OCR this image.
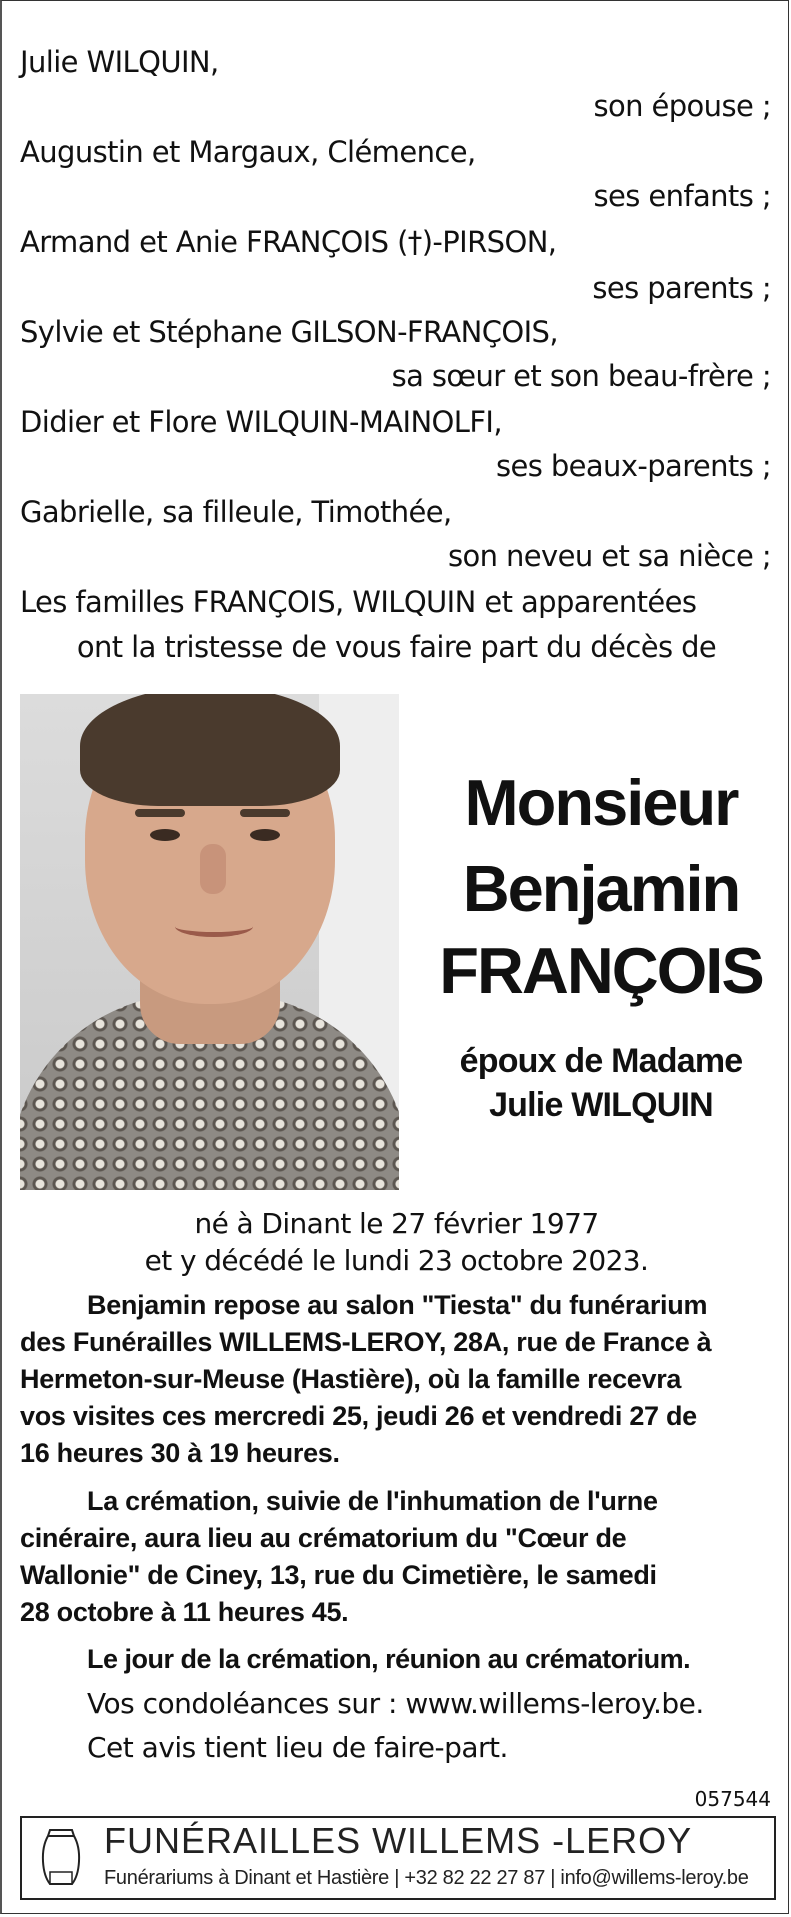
Julie WILQUIN,
son épouse ;
Augustin et Margaux, Clémence,
ses enfants ;
Armand et Anie FRANÇOIS (†)-PIRSON,
ses parents ;
Sylvie et Stéphane GILSON-FRANÇOIS,
sa sœur et son beau-frère ;
Didier et Flore WILQUIN-MAINOLFI,
ses beaux-parents ;
Gabrielle, sa filleule, Timothée,
son neveu et sa nièce ;
Les familles FRANÇOIS, WILQUIN et apparentées
ont la tristesse de vous faire part du décès de
Monsieur
Benjamin
FRANÇOIS
époux de Madame
Julie WILQUIN
né à Dinant le 27 février 1977
et y décédé le lundi 23 octobre 2023.
Benjamin repose au salon "Tiesta" du funérarium
des Funérailles WILLEMS-LEROY, 28A, rue de France à
Hermeton-sur-Meuse (Hastière), où la famille recevra
vos visites ces mercredi 25, jeudi 26 et vendredi 27 de
16 heures 30 à 19 heures.
La crémation, suivie de l'inhumation de l'urne
cinéraire, aura lieu au crématorium du "Cœur de
Wallonie" de Ciney, 13, rue du Cimetière, le samedi
28 octobre à 11 heures 45.
Le jour de la crémation, réunion au crématorium.
Vos condoléances sur : www.willems-leroy.be.
Cet avis tient lieu de faire-part.
057544
FUNÉRAILLES WILLEMS -LEROY
Funérariums à Dinant et Hastière | +32 82 22 27 87 | info@willems-leroy.be
